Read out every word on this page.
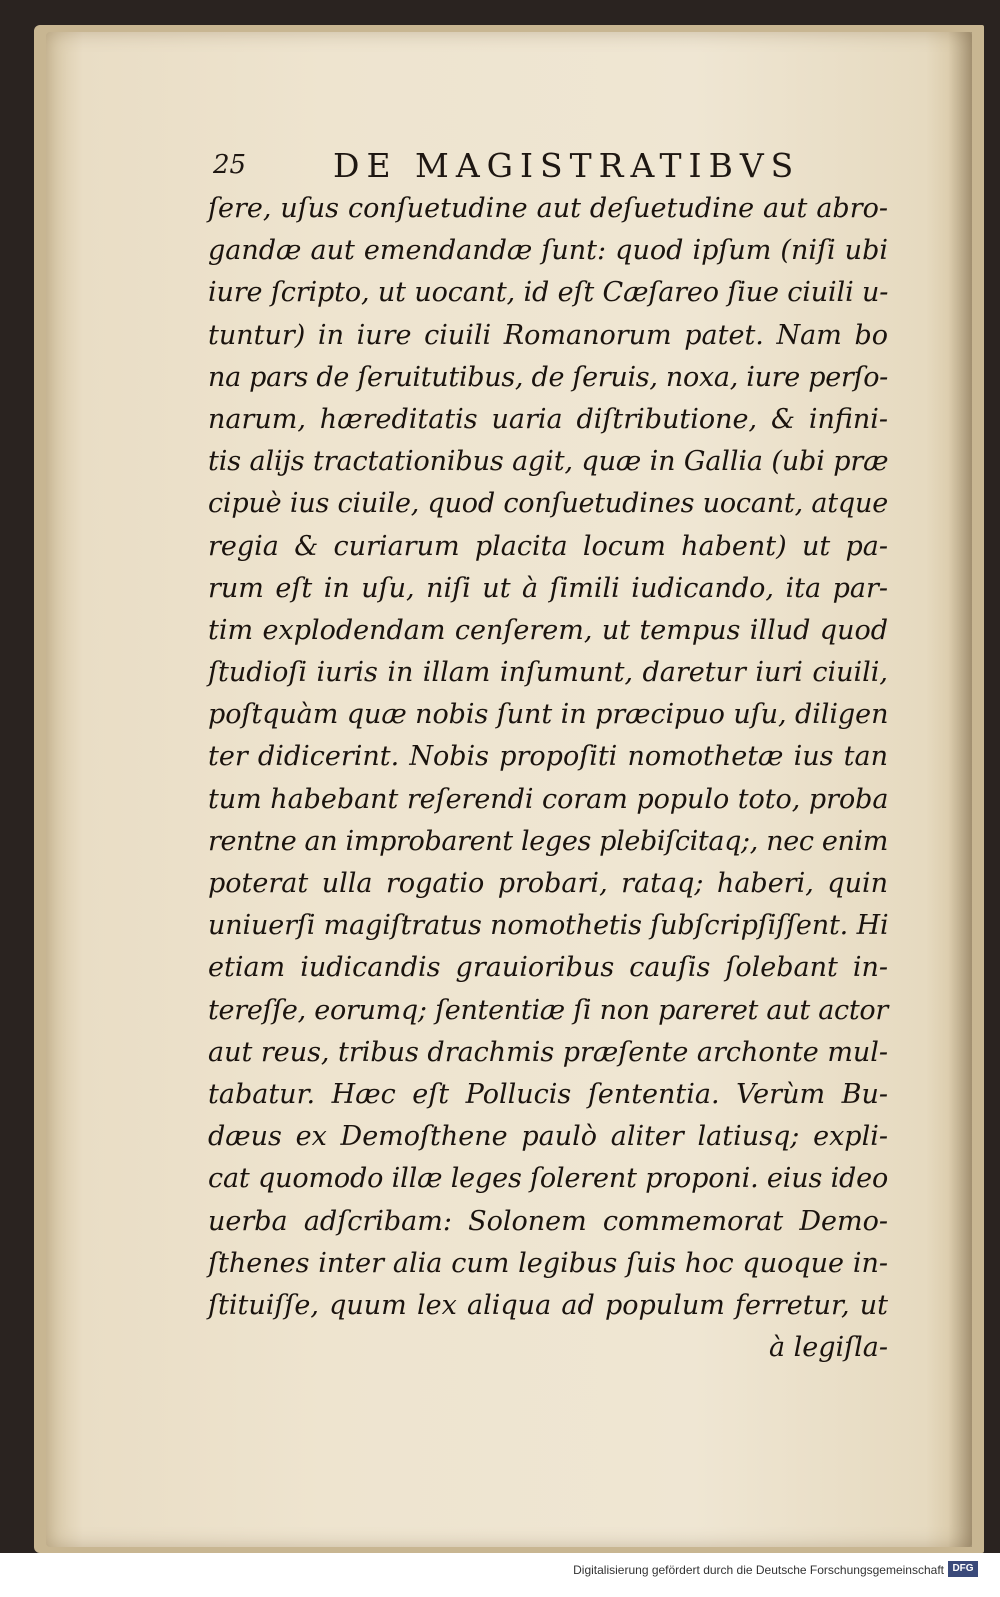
25	DE MAGISTRATIBVS
ſere, uſus conſuetudine aut deſuetudine aut abro-
gandæ aut emendandæ ſunt: quod ipſum (niſi ubi
iure ſcripto, ut uocant, id eſt Cæſareo ſiue ciuili u-
tuntur) in iure ciuili Romanorum patet. Nam bo
na pars de ſeruitutibus, de ſeruis, noxa, iure perſo-
narum, hæreditatis uaria diſtributione, & infini-
tis alijs tractationibus agit, quæ in Gallia (ubi præ
cipuè ius ciuile, quod conſuetudines uocant, atque
regia & curiarum placita locum habent) ut pa-
rum eſt in uſu, niſi ut à ſimili iudicando, ita par-
tim explodendam cenſerem, ut tempus illud quod
ſtudioſi iuris in illam inſumunt, daretur iuri ciuili,
poſtquàm quæ nobis ſunt in præcipuo uſu, diligen
ter didicerint. Nobis propoſiti nomothetæ ius tan
tum habebant reſerendi coram populo toto, proba
rentne an improbarent leges plebiſcitaq;, nec enim
poterat ulla rogatio probari, rataq; haberi, quin
uniuerſi magiſtratus nomothetis ſubſcripſiſſent. Hi
etiam iudicandis grauioribus cauſis ſolebant in-
tereſſe, eorumq; ſententiæ ſi non pareret aut actor
aut reus, tribus drachmis præſente archonte mul-
tabatur. Hæc eſt Pollucis ſententia. Verùm Bu-
dæus ex Demoſthene paulò aliter latiusq; expli-
cat quomodo illæ leges ſolerent proponi. eius ideo
uerba adſcribam: Solonem commemorat Demo-
ſthenes inter alia cum legibus ſuis hoc quoque in-
ſtituiſſe, quum lex aliqua ad populum ferretur, ut
à legiſla-
Digitalisierung gefördert durch die Deutsche Forschungsgemeinschaft DFG
